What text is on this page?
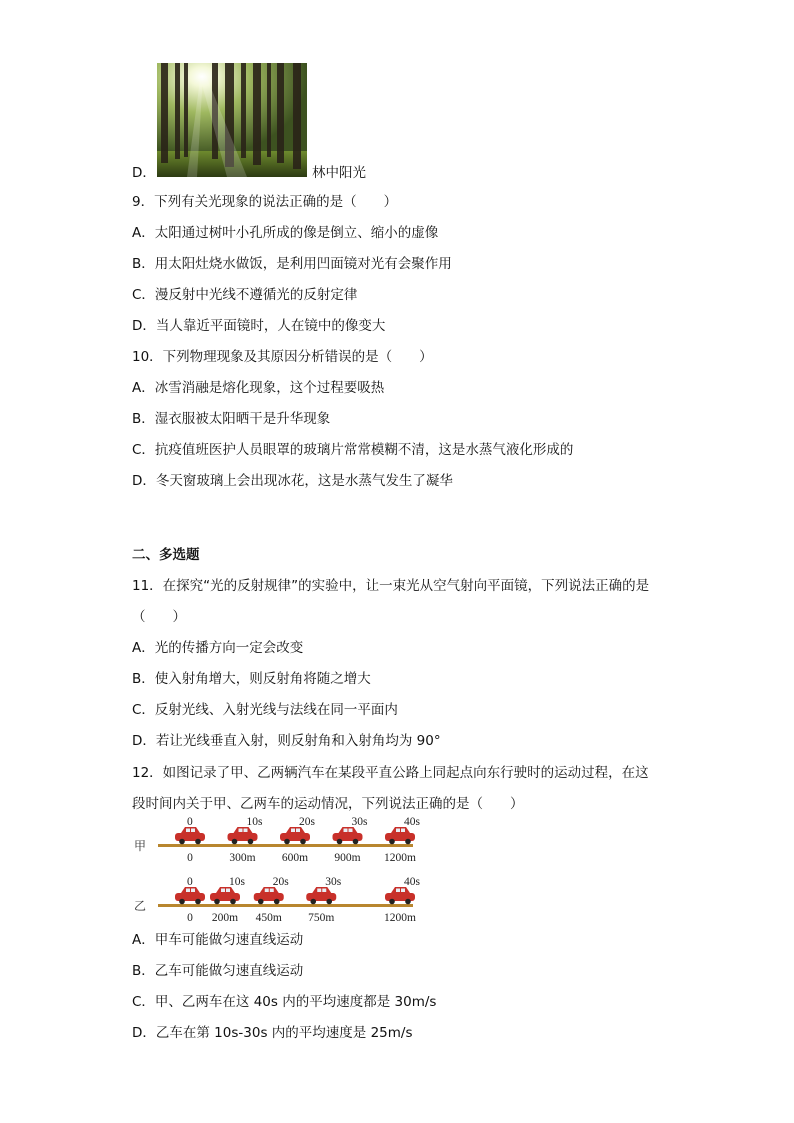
D．	林中阳光
9．下列有关光现象的说法正确的是（　　）
A．太阳通过树叶小孔所成的像是倒立、缩小的虚像
B．用太阳灶烧水做饭，是利用凹面镜对光有会聚作用
C．漫反射中光线不遵循光的反射定律
D．当人靠近平面镜时，人在镜中的像变大
10．下列物理现象及其原因分析错误的是（　　）
A．冰雪消融是熔化现象，这个过程要吸热
B．湿衣服被太阳晒干是升华现象
C．抗疫值班医护人员眼罩的玻璃片常常模糊不清，这是水蒸气液化形成的
D．冬天窗玻璃上会出现冰花，这是水蒸气发生了凝华
二、多选题
11．在探究“光的反射规律”的实验中，让一束光从空气射向平面镜，下列说法正确的是
（　　）
A．光的传播方向一定会改变
B．使入射角增大，则反射角将随之增大
C．反射光线、入射光线与法线在同一平面内
D．若让光线垂直入射，则反射角和入射角均为 90°
12．如图记录了甲、乙两辆汽车在某段平直公路上同起点向东行驶时的运动过程，在这
段时间内关于甲、乙两车的运动情况，下列说法正确的是（　　）
甲
0
0
10s
300m
20s
600m
30s
900m
40s
1200m
乙
0
0
10s
200m
20s
450m
30s
750m
40s
1200m
A．甲车可能做匀速直线运动
B．乙车可能做匀速直线运动
C．甲、乙两车在这 40s 内的平均速度都是 30m/s
D．乙车在第 10s-30s 内的平均速度是 25m/s
